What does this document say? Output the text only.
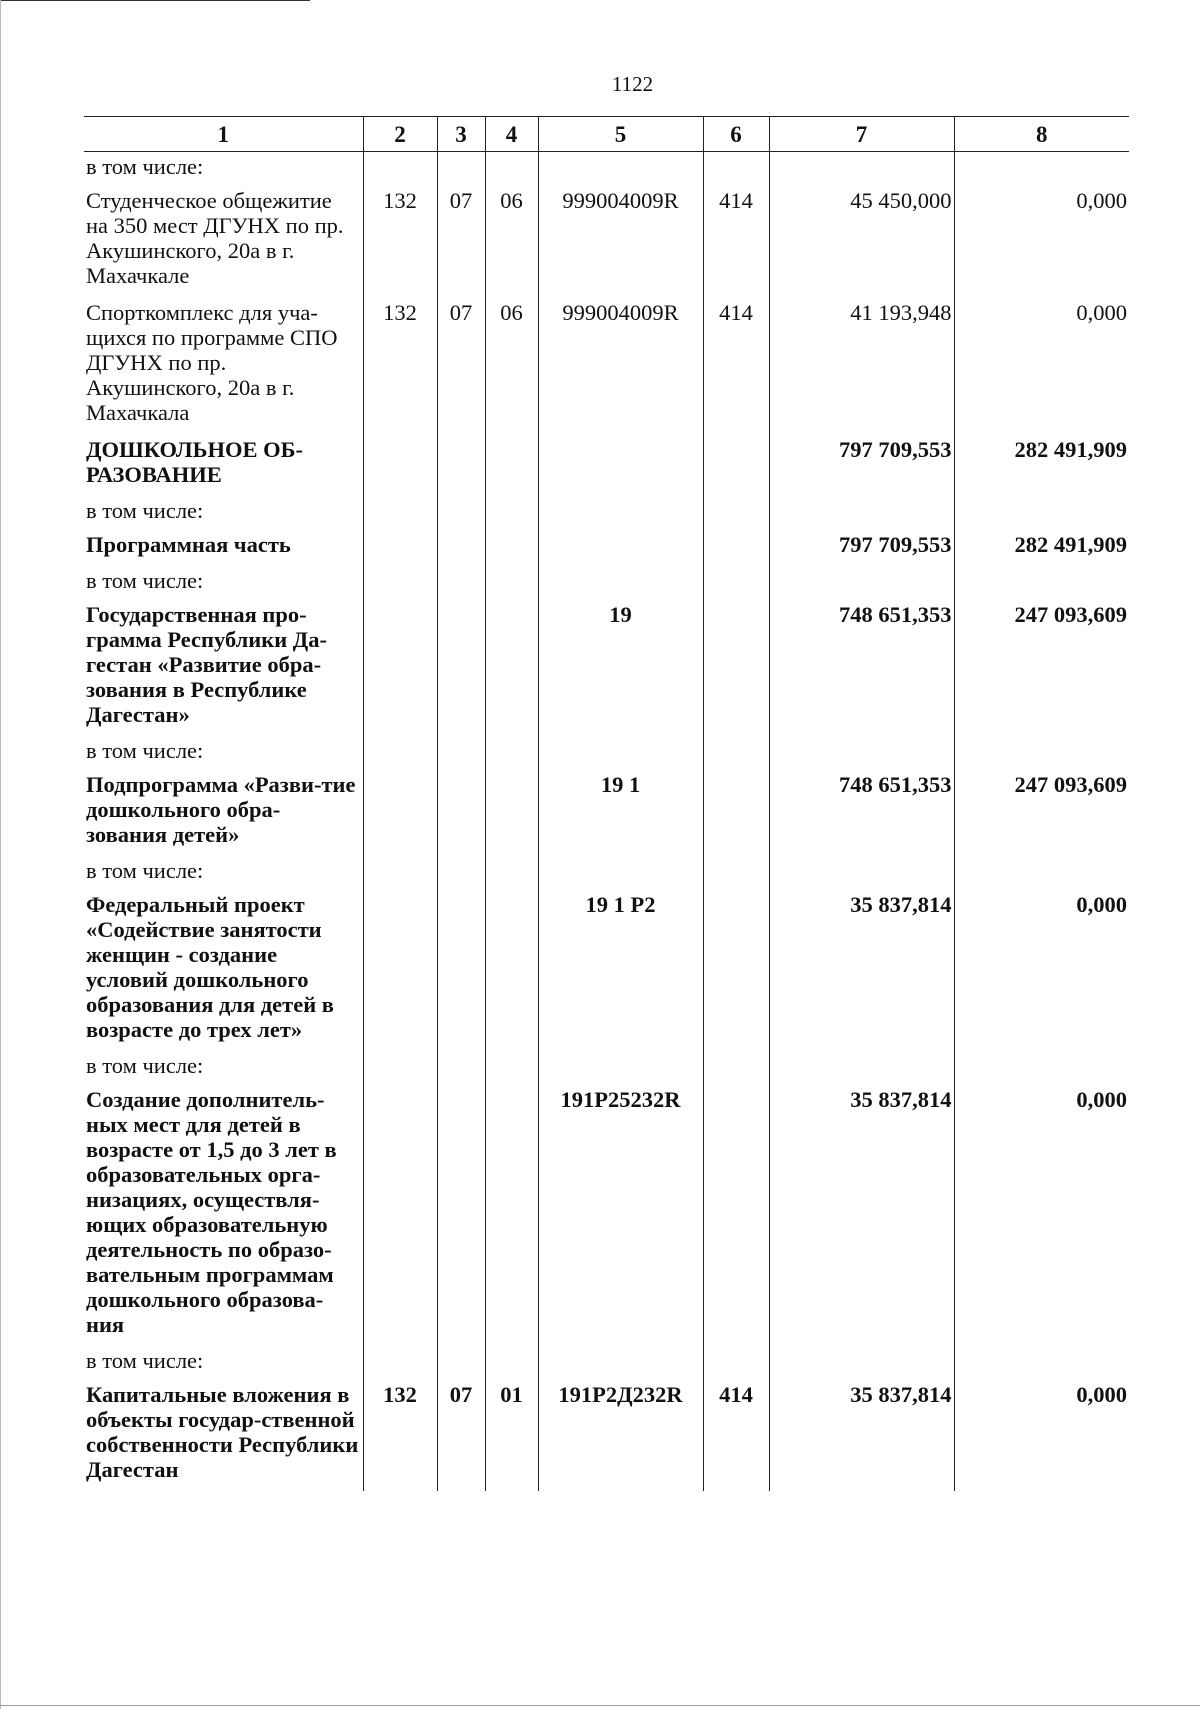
1122
1	2	3	4	5	6	7	8
в том числе:							
Студенческое общежитие на 350 мест ДГУНХ по пр. Акушинского, 20а в г. Махачкале	132	07	06	999004009R	414	45 450,000	0,000
Спорткомплекс для уча-щихся по программе СПО ДГУНХ по пр. Акушинского, 20а в г. Махачкала	132	07	06	999004009R	414	41 193,948	0,000
ДОШКОЛЬНОЕ ОБ-РАЗОВАНИЕ						797 709,553	282 491,909
в том числе:							
Программная часть						797 709,553	282 491,909
в том числе:							
Государственная про-грамма Республики Да-гестан «Развитие обра-зования в Республике Дагестан»				19		748 651,353	247 093,609
в том числе:							
Подпрограмма «Разви-тие дошкольного обра-зования детей»				19 1		748 651,353	247 093,609
в том числе:							
Федеральный проект «Содействие занятости женщин - создание условий дошкольного образования для детей в возрасте до трех лет»				19 1 Р2		35 837,814	0,000
в том числе:							
Создание дополнитель-ных мест для детей в возрасте от 1,5 до 3 лет в образовательных орга-низациях, осуществля-ющих образовательную деятельность по образо-вательным программам дошкольного образова-ния				191Р25232R		35 837,814	0,000
в том числе:							
Капитальные вложения в объекты государ-ственной собственности Республики Дагестан	132	07	01	191Р2Д232R	414	35 837,814	0,000
